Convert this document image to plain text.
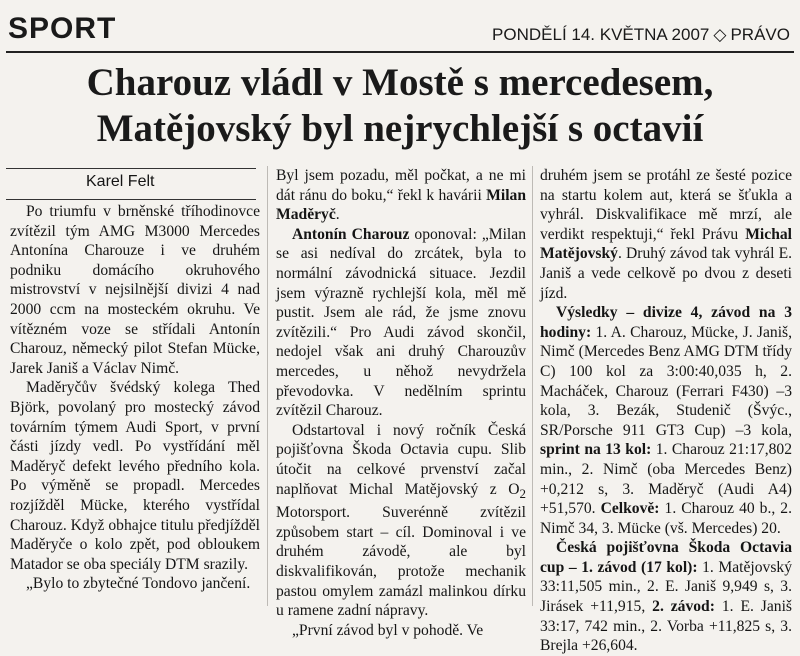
SPORT	PONDĚLÍ 14. KVĚTNA 2007 ◇ PRÁVO
Charouz vládl v Mostě s mercedesem,
Matějovský byl nejrychlejší s octavií
Karel Felt

Po triumfu v brněnské tříhodinovce zvítězil tým AMG M3000 Mercedes Antonína Charouze i ve druhém podniku domácího okruhového mistrovství v nejsilnější divizi 4 nad 2000 ccm na mosteckém okruhu. Ve vítězném voze se střídali Antonín Charouz, německý pilot Stefan Mücke, Jarek Janiš a Václav Nimč.

Maděryčův švédský kolega Thed Björk, povolaný pro mostecký závod továrním týmem Audi Sport, v první části jízdy vedl. Po vystřídání měl Maděryč defekt levého předního kola. Po výměně se propadl. Mercedes rozjížděl Mücke, kterého vystřídal Charouz. Když obhajce titulu předjížděl Maděryče o kolo zpět, pod obloukem Matador se oba speciály DTM srazily.

„Bylo to zbytečné Tondovo jančení.

Byl jsem pozadu, měl počkat, a ne mi dát ránu do boku,“ řekl k havárii Milan Maděryč.

Antonín Charouz oponoval: „Milan se asi nedíval do zrcátek, byla to normální závodnická situace. Jezdil jsem výrazně rychlejší kola, měl mě pustit. Jsem ale rád, že jsme znovu zvítězili.“ Pro Audi závod skončil, nedojel však ani druhý Charouzův mercedes, u něhož nevydržela převodovka. V nedělním sprintu zvítězil Charouz.

Odstartoval i nový ročník Česká pojišťovna Škoda Octavia cupu. Slib útočit na celkové prvenství začal naplňovat Michal Matějovský z $O_2$ Motorsport. Suverénně zvítězil způsobem start – cíl. Dominoval i ve druhém závodě, ale byl diskvalifikován, protože mechanik pastou omylem zamázl malinkou dírku u ramene zadní nápravy.

„První závod byl v pohodě. Ve

druhém jsem se protáhl ze šesté pozice na startu kolem aut, která se šťukla a vyhrál. Diskvalifikace mě mrzí, ale verdikt respektuji,“ řekl Právu Michal Matějovský. Druhý závod tak vyhrál E. Janiš a vede celkově po dvou z deseti jízd.

Výsledky – divize 4, závod na 3 hodiny: 1. A. Charouz, Mücke, J. Janiš, Nimč (Mercedes Benz AMG DTM třídy C) 100 kol za 3:00:40,035 h, 2. Macháček, Charouz (Ferrari F430) –3 kola, 3. Bezák, Studenič (Švýc., SR/Porsche 911 GT3 Cup) –3 kola, sprint na 13 kol: 1. Charouz 21:17,802 min., 2. Nimč (oba Mercedes Benz) +0,212 s, 3. Maděryč (Audi A4) +51,570. Celkově: 1. Charouz 40 b., 2. Nimč 34, 3. Mücke (vš. Mercedes) 20.

Česká pojišťovna Škoda Octavia cup – 1. závod (17 kol): 1. Matějovský 33:11,505 min., 2. E. Janiš 9,949 s, 3. Jirásek +11,915, 2. závod: 1. E. Janiš 33:17, 742 min., 2. Vorba +11,825 s, 3. Brejla +26,604.
